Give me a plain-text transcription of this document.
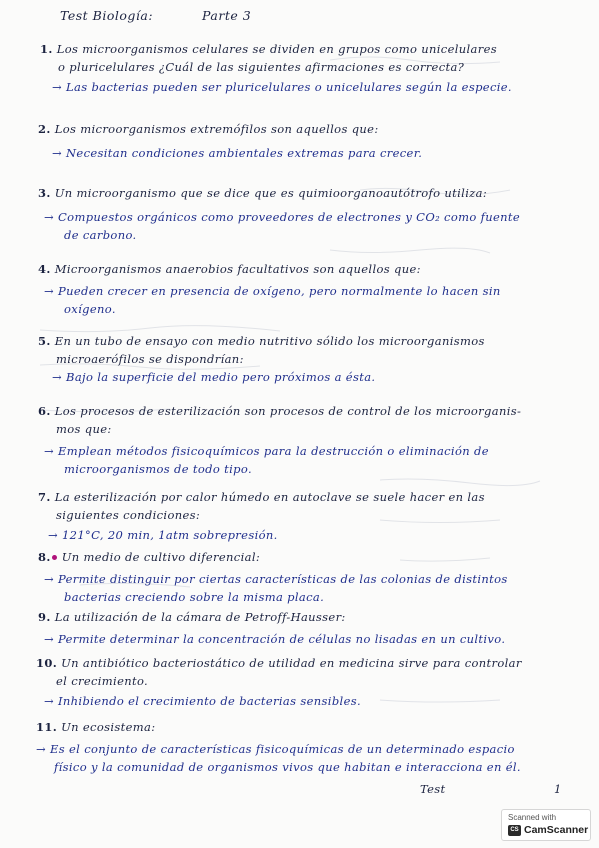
Test Biología:	Parte 3
1. Los microorganismos celulares se dividen en grupos como unicelulares
o pluricelulares ¿Cuál de las siguientes afirmaciones es correcta?
→ Las bacterias pueden ser pluricelulares o unicelulares según la especie.
2. Los microorganismos extremófilos son aquellos que:
→ Necesitan condiciones ambientales extremas para crecer.
3. Un microorganismo que se dice que es quimioorganoautótrofo utiliza:
→ Compuestos orgánicos como proveedores de electrones y CO₂ como fuente
de carbono.
4. Microorganismos anaerobios facultativos son aquellos que:
→ Pueden crecer en presencia de oxígeno, pero normalmente lo hacen sin
oxígeno.
5. En un tubo de ensayo con medio nutritivo sólido los microorganismos
microaerófilos se dispondrían:
→ Bajo la superficie del medio pero próximos a ésta.
6. Los procesos de esterilización son procesos de control de los microorganis-
mos que:
→ Emplean métodos fisicoquímicos para la destrucción o eliminación de
microorganismos de todo tipo.
7. La esterilización por calor húmedo en autoclave se suele hacer en las
siguientes condiciones:
→ 121°C, 20 min, 1atm sobrepresión.
8. Un medio de cultivo diferencial:
→ Permite distinguir por ciertas características de las colonias de distintos
bacterias creciendo sobre la misma placa.
9. La utilización de la cámara de Petroff-Hausser:
→ Permite determinar la concentración de células no lisadas en un cultivo.
10. Un antibiótico bacteriostático de utilidad en medicina sirve para controlar
el crecimiento.
→ Inhibiendo el crecimiento de bacterias sensibles.
11. Un ecosistema:
→ Es el conjunto de características fisicoquímicas de un determinado espacio
físico y la comunidad de organismos vivos que habitan e interacciona en él.
Test	1
Scanned with
CS CamScanner
